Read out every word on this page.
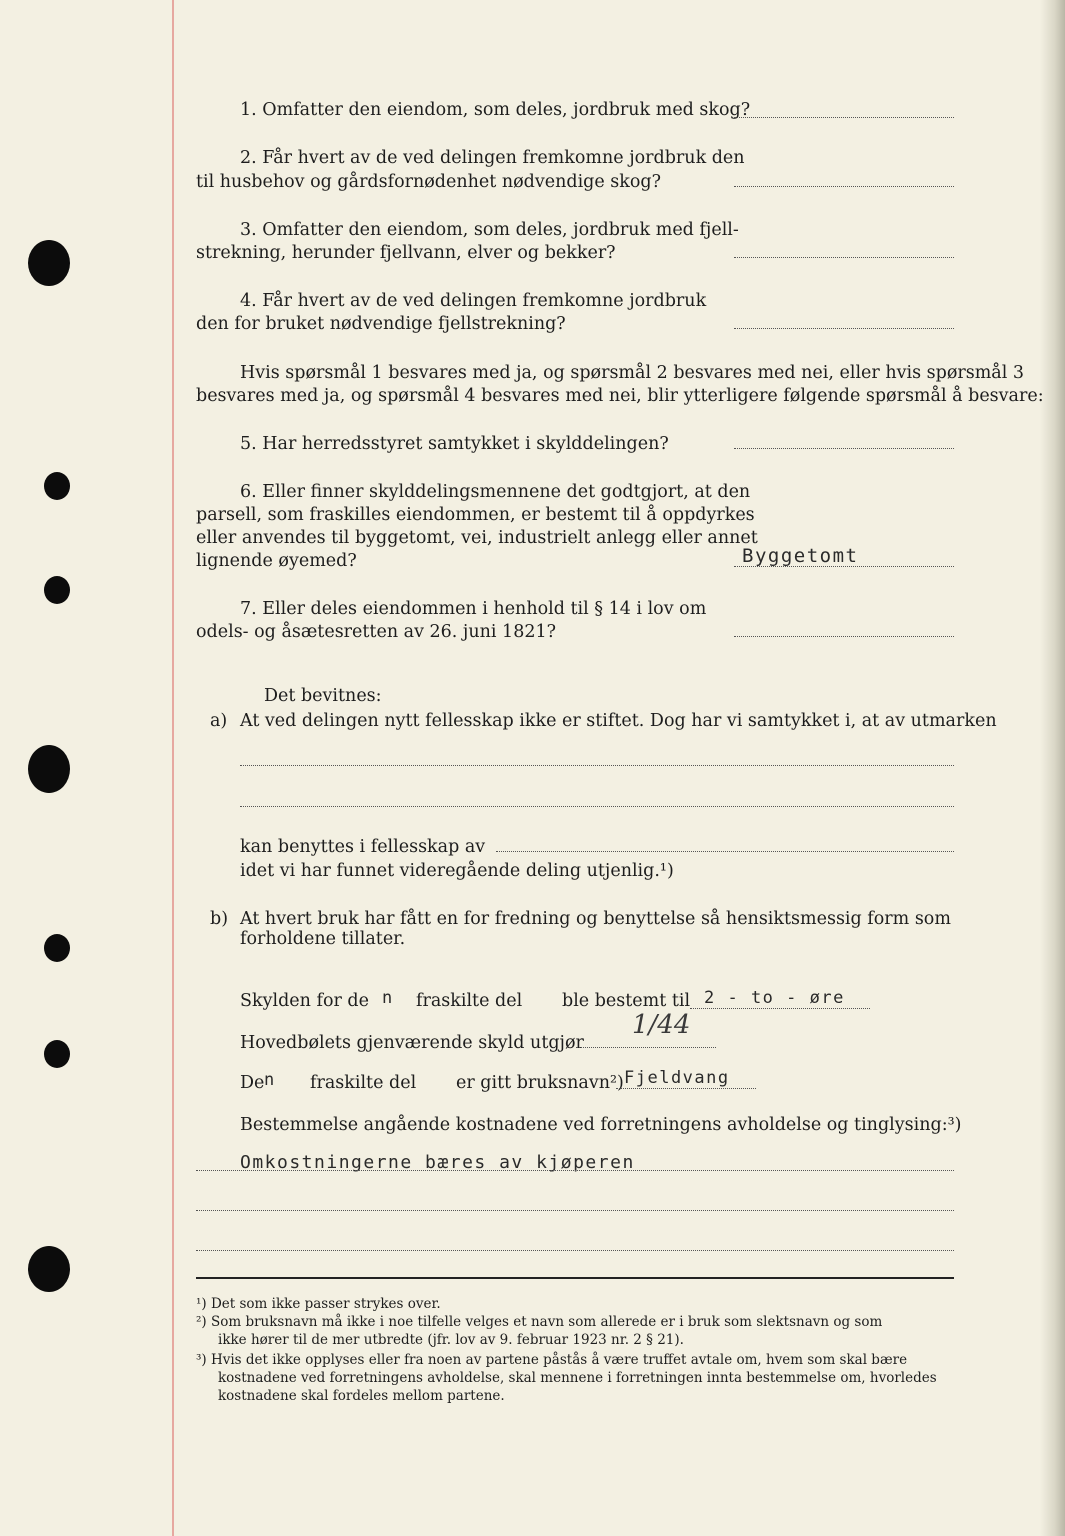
1. Omfatter den eiendom, som deles, jordbruk med skog?
2. Får hvert av de ved delingen fremkomne jordbruk den
til husbehov og gårdsfornødenhet nødvendige skog?
3. Omfatter den eiendom, som deles, jordbruk med fjell-
strekning, herunder fjellvann, elver og bekker?
4. Får hvert av de ved delingen fremkomne jordbruk
den for bruket nødvendige fjellstrekning?
Hvis spørsmål 1 besvares med ja, og spørsmål 2 besvares med nei, eller hvis spørsmål 3
besvares med ja, og spørsmål 4 besvares med nei, blir ytterligere følgende spørsmål å besvare:
5. Har herredsstyret samtykket i skylddelingen?
6. Eller finner skylddelingsmennene det godtgjort, at den
parsell, som fraskilles eiendommen, er bestemt til å oppdyrkes
eller anvendes til byggetomt, vei, industrielt anlegg eller annet
lignende øyemed?	Byggetomt
7. Eller deles eiendommen i henhold til § 14 i lov om
odels- og åsætesretten av 26. juni 1821?
Det bevitnes:
a) At ved delingen nytt fellesskap ikke er stiftet. Dog har vi samtykket i, at av utmarken
kan benyttes i fellesskap av
idet vi har funnet videregående deling utjenlig.¹)
b) At hvert bruk har fått en for fredning og benyttelse så hensiktsmessig form som
forholdene tillater.
Skylden for de n fraskilte del ble bestemt til 2 - to - øre
Hovedbølets gjenværende skyld utgjør
1/44
De n fraskilte del er gitt bruksnavn²) Fjeldvang
Bestemmelse angående kostnadene ved forretningens avholdelse og tinglysing:³)
Omkostningerne bæres av kjøperen
¹) Det som ikke passer strykes over.
²) Som bruksnavn må ikke i noe tilfelle velges et navn som allerede er i bruk som slektsnavn og som
ikke hører til de mer utbredte (jfr. lov av 9. februar 1923 nr. 2 § 21).
³) Hvis det ikke opplyses eller fra noen av partene påstås å være truffet avtale om, hvem som skal bære
kostnadene ved forretningens avholdelse, skal mennene i forretningen innta bestemmelse om, hvorledes
kostnadene skal fordeles mellom partene.
